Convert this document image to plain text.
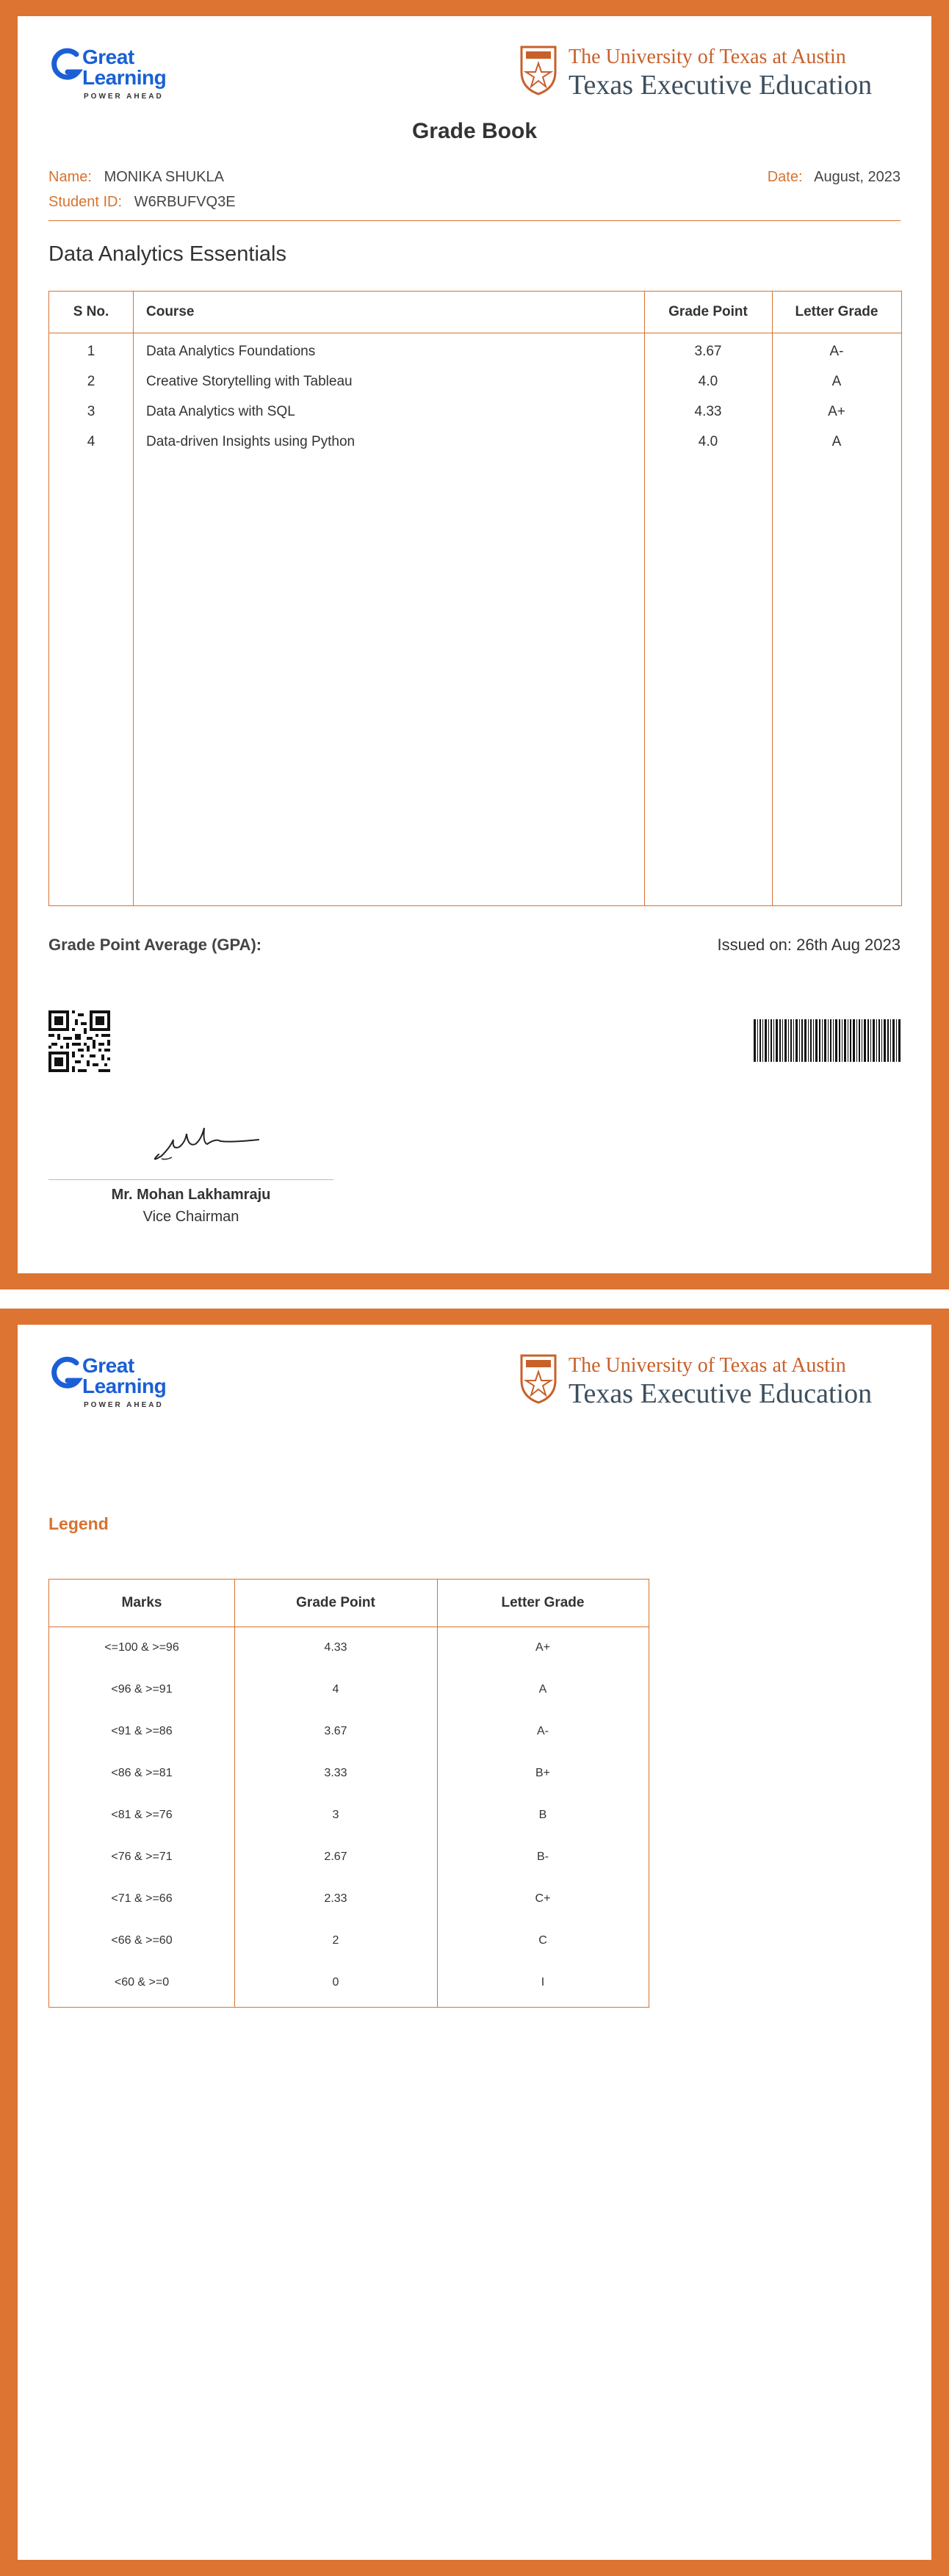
Great
Learning
POWER AHEAD
The University of Texas at Austin
Texas Executive Education
Grade Book
Name: MONIKA SHUKLA	Date: August, 2023
Student ID: W6RBUFVQ3E
Data Analytics Essentials
S No.	Course	Grade Point	Letter Grade
1	Data Analytics Foundations	3.67	A-
2	Creative Storytelling with Tableau	4.0	A
3	Data Analytics with SQL	4.33	A+
4	Data-driven Insights using Python	4.0	A
Grade Point Average (GPA):	Issued on: 26th Aug 2023
Mr. Mohan Lakhamraju
Vice Chairman
Great
Learning
POWER AHEAD
The University of Texas at Austin
Texas Executive Education
Legend
Marks	Grade Point	Letter Grade
<=100 & >=96	4.33	A+
<96 & >=91	4	A
<91 & >=86	3.67	A-
<86 & >=81	3.33	B+
<81 & >=76	3	B
<76 & >=71	2.67	B-
<71 & >=66	2.33	C+
<66 & >=60	2	C
<60 & >=0	0	I
